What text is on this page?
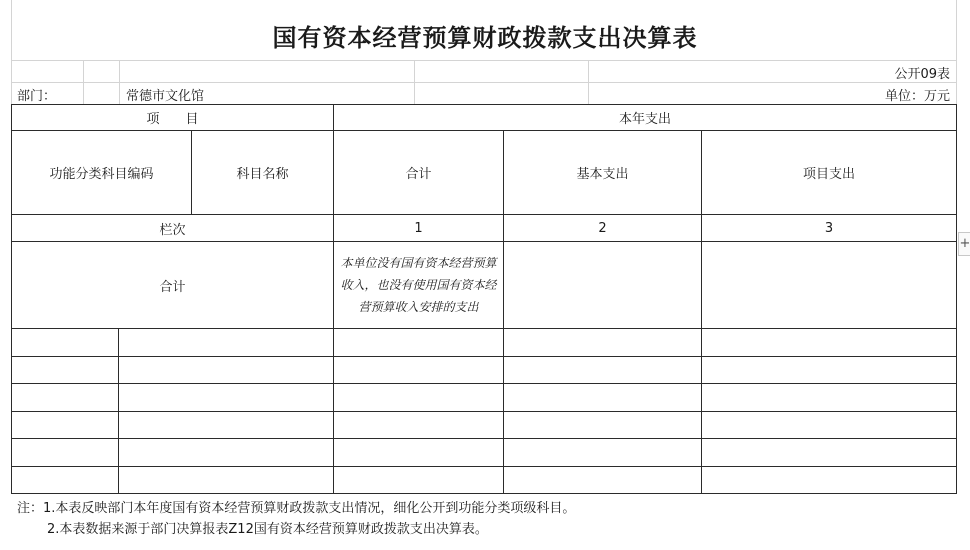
国有资本经营预算财政拨款支出决算表
公开09表
部门：	常德市文化馆	单位：万元
项　　目			本年支出		
功能分类科目编码		科目名称	合计	基本支出	项目支出
栏次			1	2	3
合计			本单位没有国有资本经营预算收入，也没有使用国有资本经营预算收入安排的支出		

注：1.本表反映部门本年度国有资本经营预算财政拨款支出情况，细化公开到功能分类项级科目。
2.本表数据来源于部门决算报表Z12国有资本经营预算财政拨款支出决算表。
+
